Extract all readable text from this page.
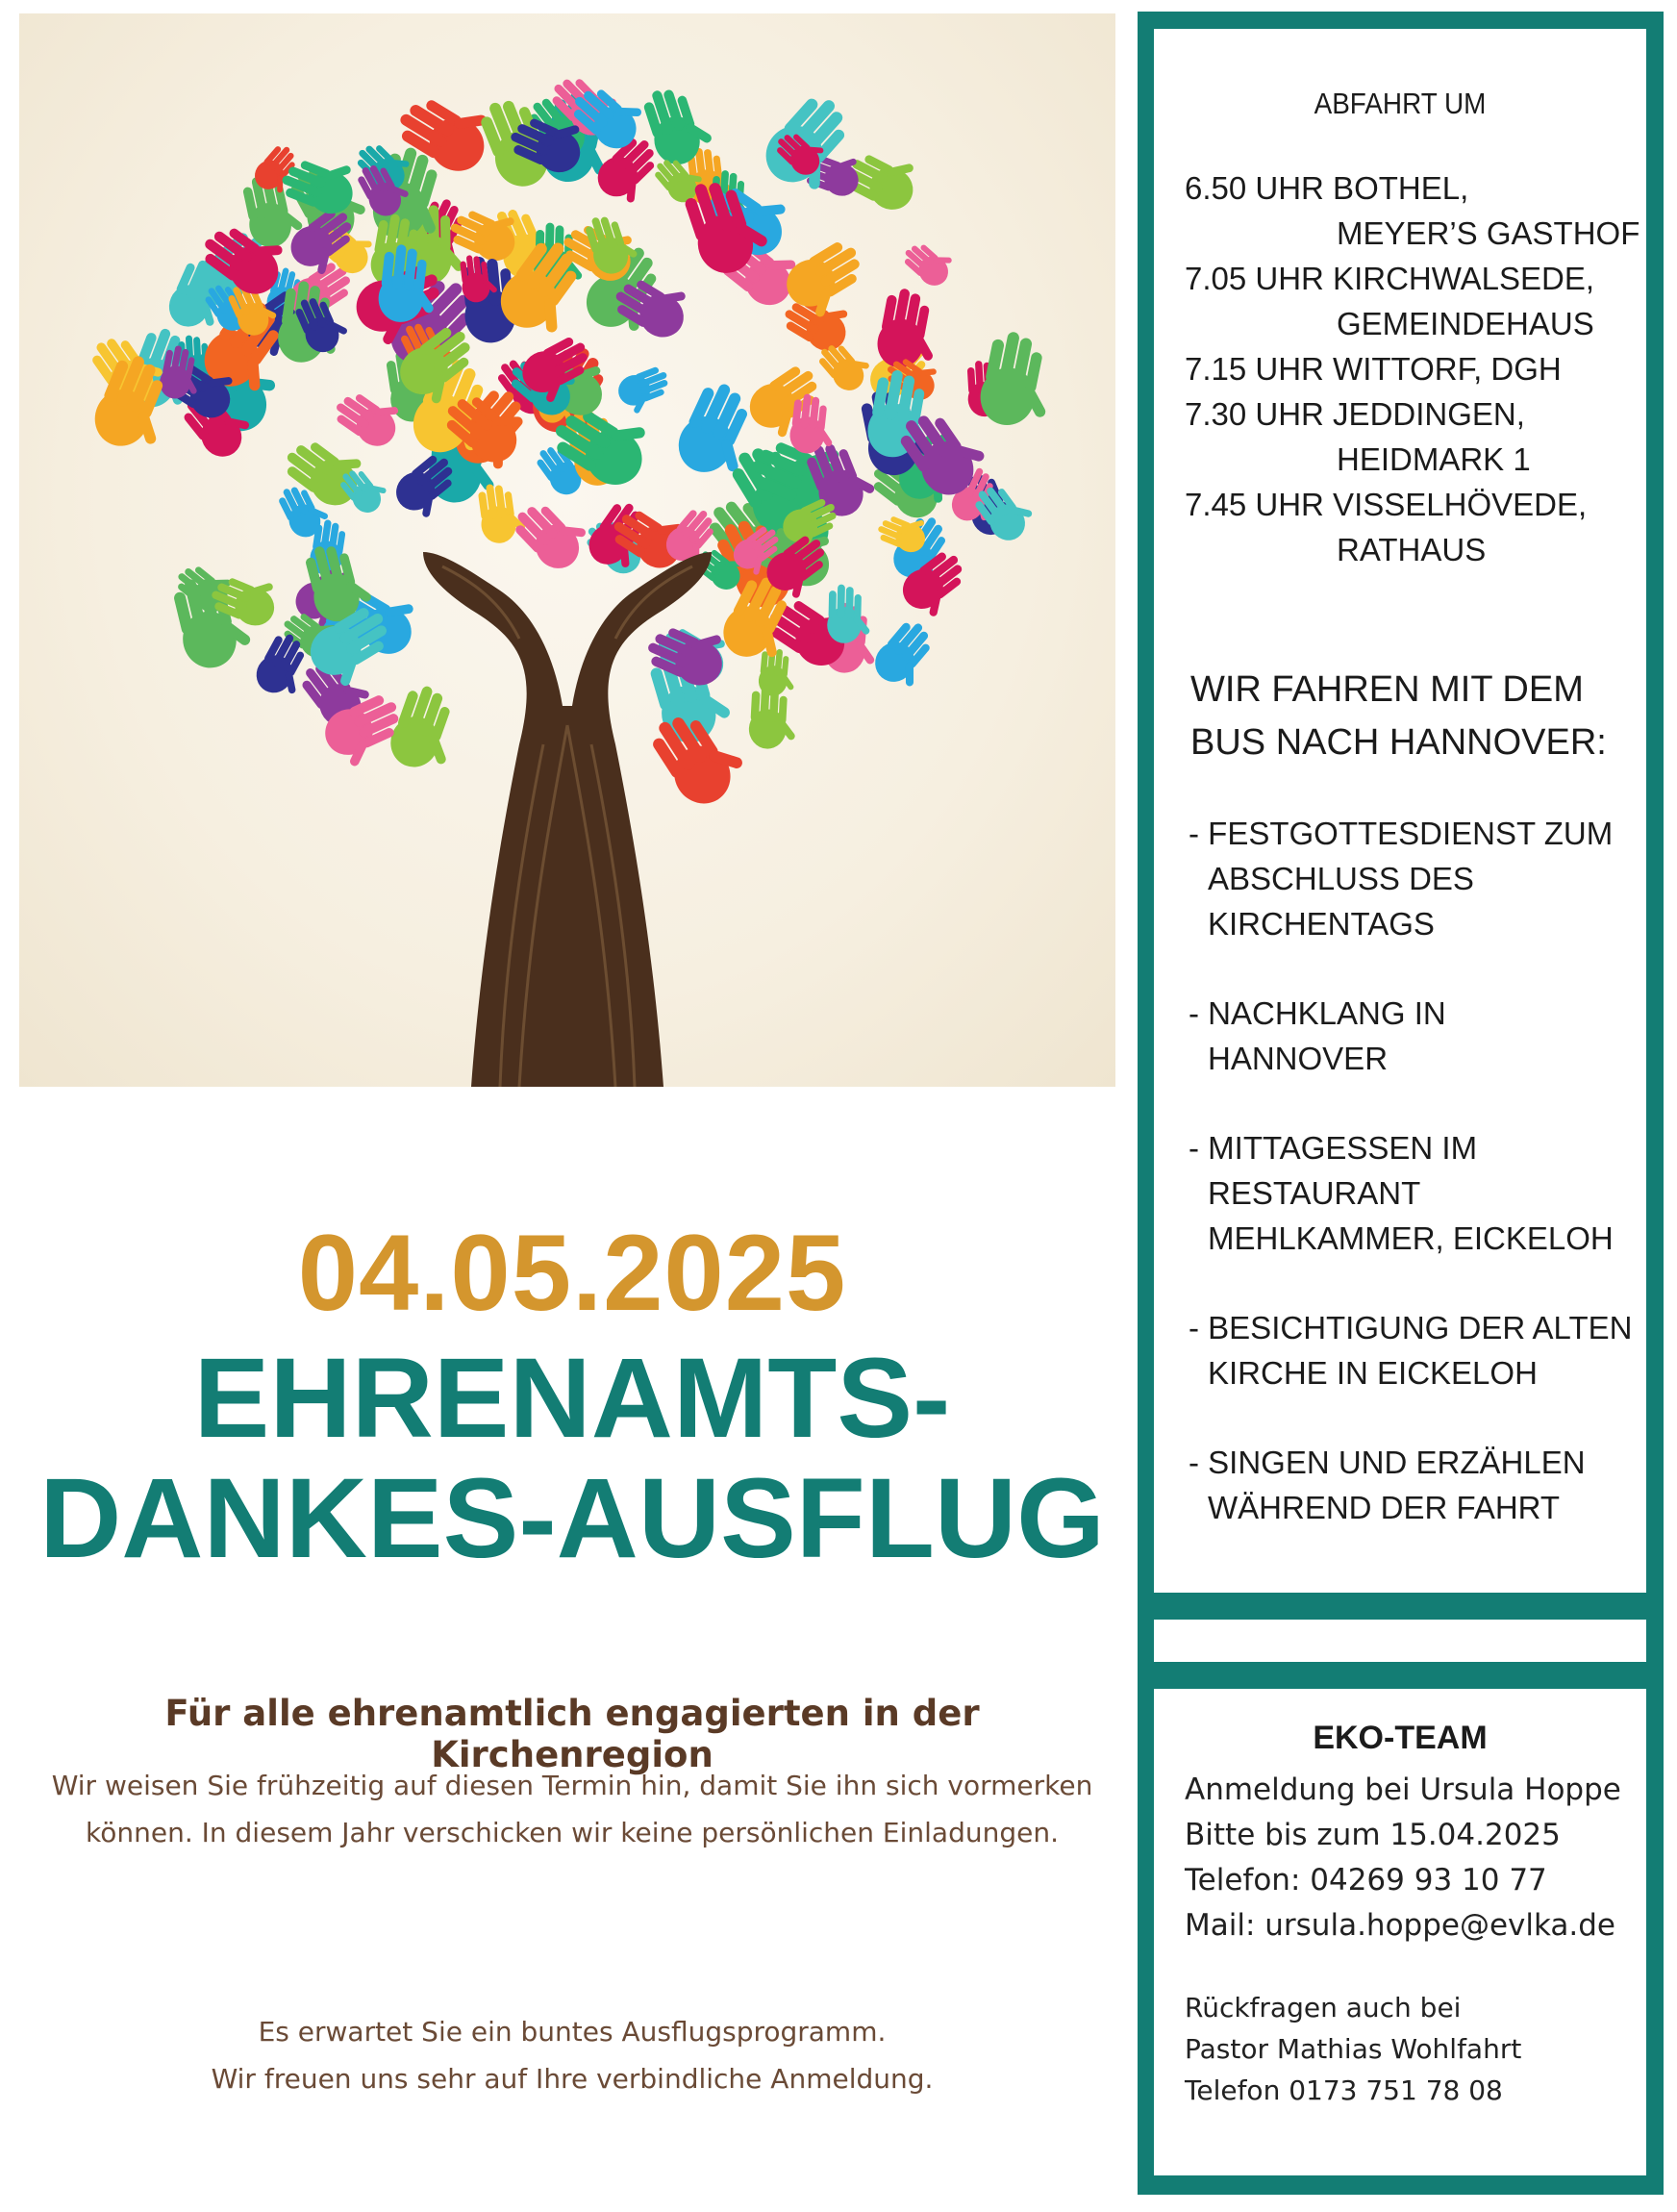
04.05.2025
EHRENAMTS-
DANKES-AUSFLUG
Für alle ehrenamtlich engagierten in der Kirchenregion
Wir weisen Sie frühzeitig auf diesen Termin hin, damit Sie ihn sich vormerken
können. In diesem Jahr verschicken wir keine persönlichen Einladungen.
Es erwartet Sie ein buntes Ausflugsprogramm.
Wir freuen uns sehr auf Ihre verbindliche Anmeldung.
ABFAHRT UM
6.50 UHR BOTHEL,
MEYER’S GASTHOF
7.05 UHR KIRCHWALSEDE,
GEMEINDEHAUS
7.15 UHR WITTORF, DGH
7.30 UHR JEDDINGEN,
HEIDMARK 1
7.45 UHR VISSELHÖVEDE,
RATHAUS
WIR FAHREN MIT DEM
BUS NACH HANNOVER:
- FESTGOTTESDIENST ZUM
ABSCHLUSS DES
KIRCHENTAGS
- NACHKLANG IN
HANNOVER
- MITTAGESSEN IM
RESTAURANT
MEHLKAMMER, EICKELOH
- BESICHTIGUNG DER ALTEN
KIRCHE IN EICKELOH
- SINGEN UND ERZÄHLEN
WÄHREND DER FAHRT
EKO-TEAM
Anmeldung bei Ursula Hoppe
Bitte bis zum 15.04.2025
Telefon: 04269 93 10 77
Mail: ursula.hoppe@evlka.de
Rückfragen auch bei
Pastor Mathias Wohlfahrt
Telefon 0173 751 78 08
